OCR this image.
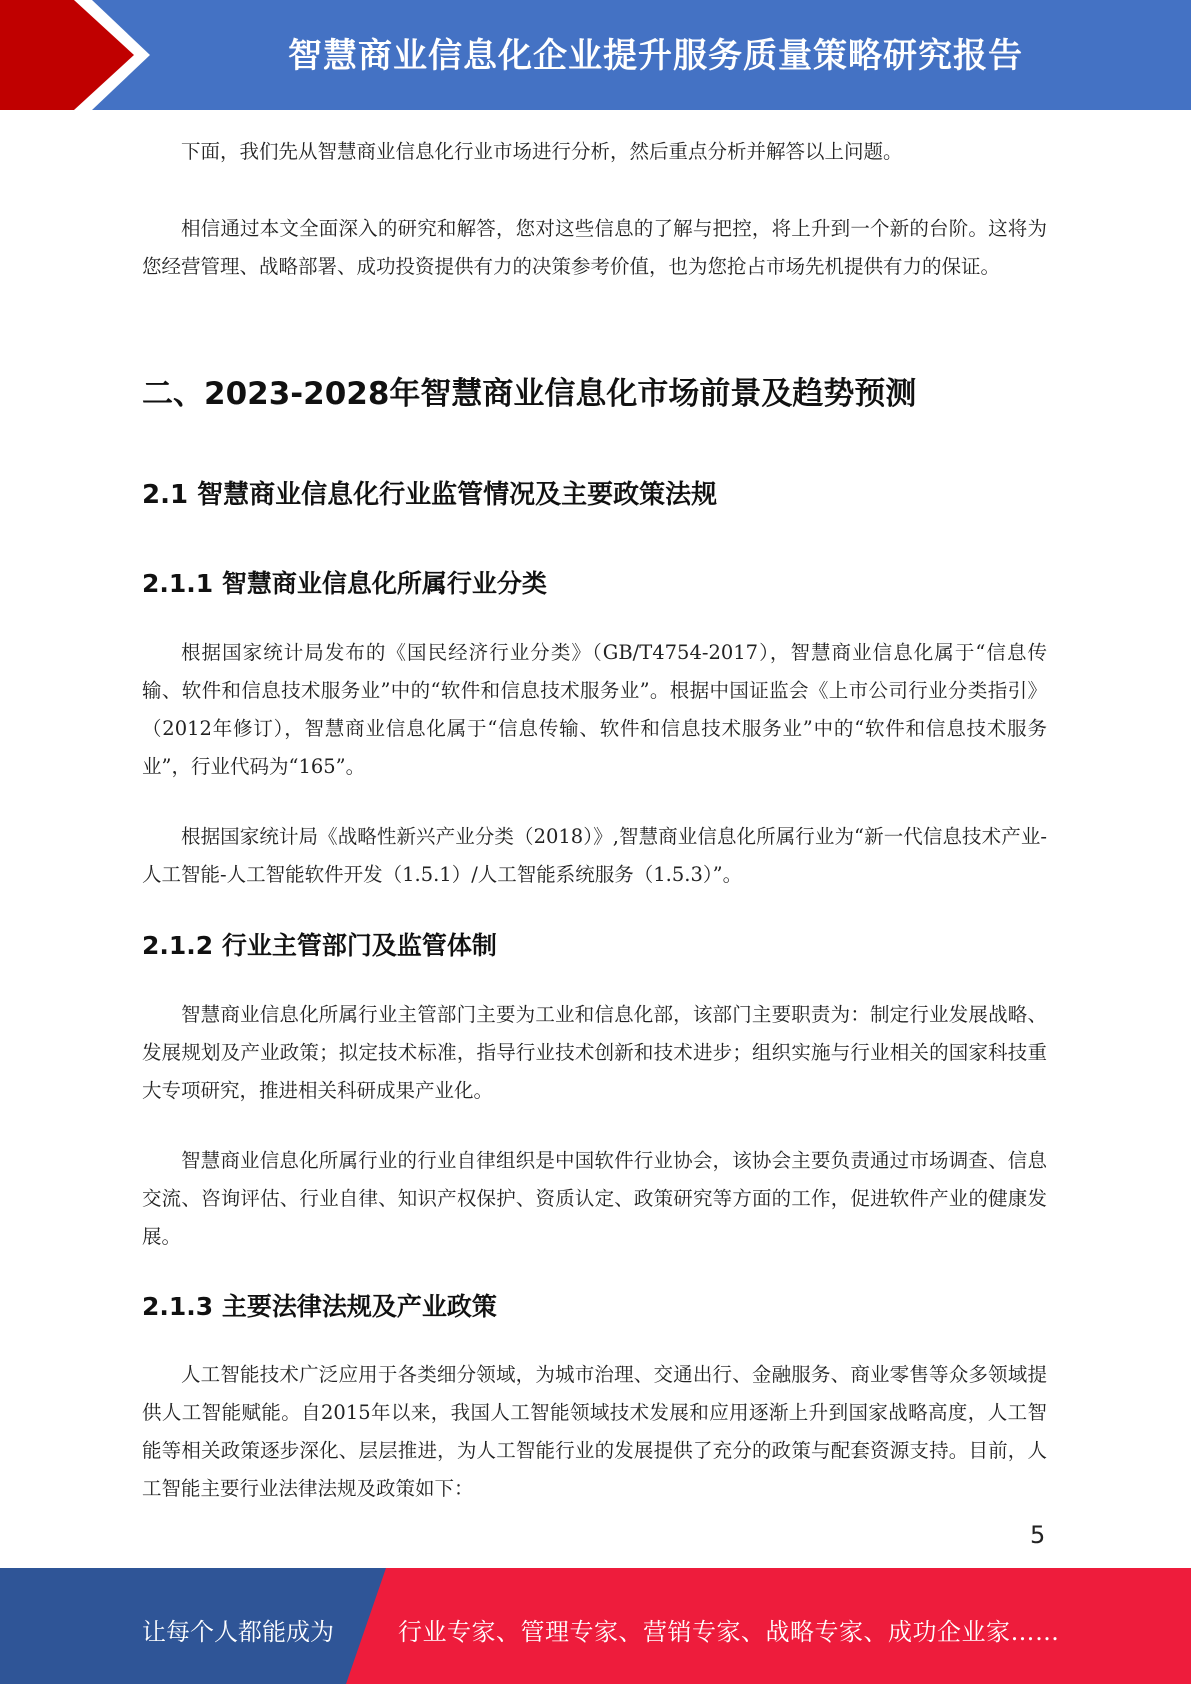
智慧商业信息化企业提升服务质量策略研究报告

下面，我们先从智慧商业信息化行业市场进行分析，然后重点分析并解答以上问题。

相信通过本文全面深入的研究和解答，您对这些信息的了解与把控，将上升到一个新的台阶。这将为您经营管理、战略部署、成功投资提供有力的决策参考价值，也为您抢占市场先机提供有力的保证。

二、2023-2028年智慧商业信息化市场前景及趋势预测
2.1 智慧商业信息化行业监管情况及主要政策法规
2.1.1 智慧商业信息化所属行业分类

根据国家统计局发布的《国民经济行业分类》（GB/T4754-2017），智慧商业信息化属于“信息传输、软件和信息技术服务业”中的“软件和信息技术服务业”。根据中国证监会《上市公司行业分类指引》（2012年修订），智慧商业信息化属于“信息传输、软件和信息技术服务业”中的“软件和信息技术服务业”，行业代码为“165”。

根据国家统计局《战略性新兴产业分类（2018）》,智慧商业信息化所属行业为“新一代信息技术产业-人工智能-人工智能软件开发（1.5.1）/人工智能系统服务（1.5.3）”。

2.1.2 行业主管部门及监管体制

智慧商业信息化所属行业主管部门主要为工业和信息化部，该部门主要职责为：制定行业发展战略、发展规划及产业政策；拟定技术标准，指导行业技术创新和技术进步；组织实施与行业相关的国家科技重大专项研究，推进相关科研成果产业化。

智慧商业信息化所属行业的行业自律组织是中国软件行业协会，该协会主要负责通过市场调查、信息交流、咨询评估、行业自律、知识产权保护、资质认定、政策研究等方面的工作，促进软件产业的健康发展。

2.1.3 主要法律法规及产业政策

人工智能技术广泛应用于各类细分领域，为城市治理、交通出行、金融服务、商业零售等众多领域提供人工智能赋能。自2015年以来，我国人工智能领域技术发展和应用逐渐上升到国家战略高度，人工智能等相关政策逐步深化、层层推进，为人工智能行业的发展提供了充分的政策与配套资源支持。目前，人工智能主要行业法律法规及政策如下：

5
让每个人都能成为	行业专家、管理专家、营销专家、战略专家、成功企业家……
